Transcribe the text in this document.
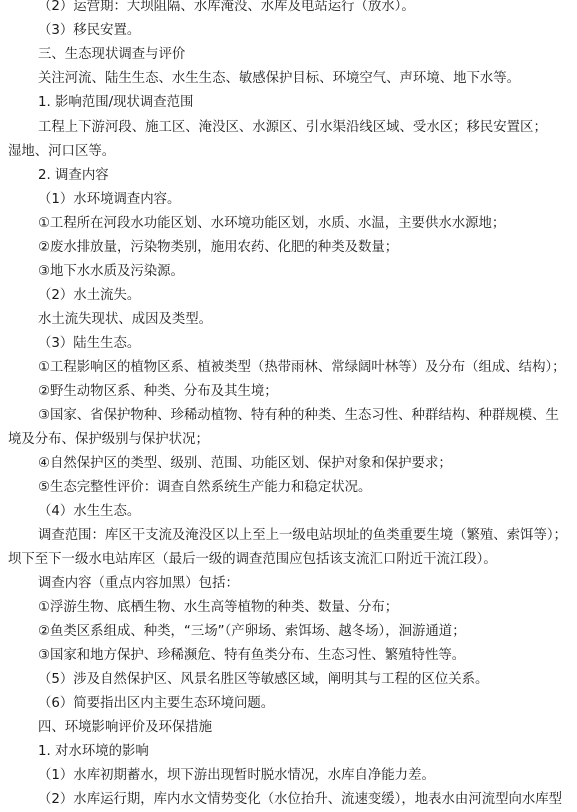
（2）运营期：大坝阻隔、水库淹没、水库及电站运行（放水）。
（3）移民安置。
三、生态现状调查与评价
关注河流、陆生生态、水生生态、敏感保护目标、环境空气、声环境、地下水等。
1. 影响范围/现状调查范围
工程上下游河段、施工区、淹没区、水源区、引水渠沿线区域、受水区；移民安置区；
湿地、河口区等。
2. 调查内容
（1）水环境调查内容。
①工程所在河段水功能区划、水环境功能区划，水质、水温，主要供水水源地；
②废水排放量，污染物类别，施用农药、化肥的种类及数量；
③地下水水质及污染源。
（2）水土流失。
水土流失现状、成因及类型。
（3）陆生生态。
①工程影响区的植物区系、植被类型（热带雨林、常绿阔叶林等）及分布（组成、结构）；
②野生动物区系、种类、分布及其生境；
③国家、省保护物种、珍稀动植物、特有种的种类、生态习性、种群结构、种群规模、生
境及分布、保护级别与保护状况；
④自然保护区的类型、级别、范围、功能区划、保护对象和保护要求；
⑤生态完整性评价：调查自然系统生产能力和稳定状况。
（4）水生生态。
调查范围：库区干支流及淹没区以上至上一级电站坝址的鱼类重要生境（繁殖、索饵等）；
坝下至下一级水电站库区（最后一级的调查范围应包括该支流汇口附近干流江段）。
调查内容（重点内容加黑）包括：
①浮游生物、底栖生物、水生高等植物的种类、数量、分布；
②鱼类区系组成、种类，“三场”（产卵场、索饵场、越冬场），洄游通道；
③国家和地方保护、珍稀濒危、特有鱼类分布、生态习性、繁殖特性等。
（5）涉及自然保护区、风景名胜区等敏感区域，阐明其与工程的区位关系。
（6）简要指出区内主要生态环境问题。
四、环境影响评价及环保措施
1. 对水环境的影响
（1）水库初期蓄水，坝下游出现暂时脱水情况，水库自净能力差。
（2）水库运行期，库内水文情势变化（水位抬升、流速变缓），地表水由河流型向水库型
